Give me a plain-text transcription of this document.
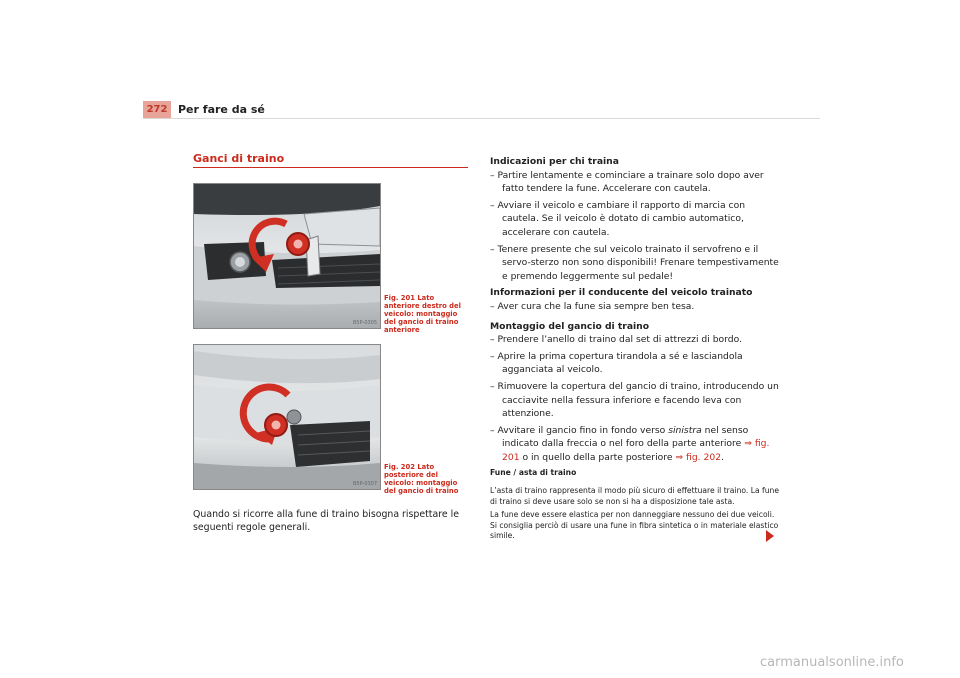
272 Per fare da sé
Ganci di traino
B5P-0305
Fig. 201 Lato anteriore destro del veicolo: montaggio del gancio di traino anteriore
B5P-0307
Fig. 202 Lato posteriore del veicolo: montaggio del gancio di traino
Quando si ricorre alla fune di traino bisogna rispettare le seguenti regole generali.

Indicazioni per chi traina

– Partire lentamente e cominciare a trainare solo dopo aver fatto tendere la fune. Accelerare con cautela.

– Avviare il veicolo e cambiare il rapporto di marcia con cautela. Se il veicolo è dotato di cambio automatico, accelerare con cautela.

– Tenere presente che sul veicolo trainato il servofreno e il servo-sterzo non sono disponibili! Frenare tempestivamente e premendo leggermente sul pedale!

Informazioni per il conducente del veicolo trainato

– Aver cura che la fune sia sempre ben tesa.

Montaggio del gancio di traino

– Prendere l’anello di traino dal set di attrezzi di bordo.

– Aprire la prima copertura tirandola a sé e lasciandola agganciata al veicolo.

– Rimuovere la copertura del gancio di traino, introducendo un cacciavite nella fessura inferiore e facendo leva con attenzione.

– Avvitare il gancio fino in fondo verso sinistra nel senso indicato dalla freccia o nel foro della parte anteriore ⇒ fig. 201 o in quello della parte posteriore ⇒ fig. 202.

Fune / asta di traino

L’asta di traino rappresenta il modo più sicuro di effettuare il traino. La fune di traino si deve usare solo se non si ha a disposizione tale asta.

La fune deve essere elastica per non danneggiare nessuno dei due veicoli. Si consiglia perciò di usare una fune in fibra sintetica o in materiale elastico simile.

carmanualsonline.info
